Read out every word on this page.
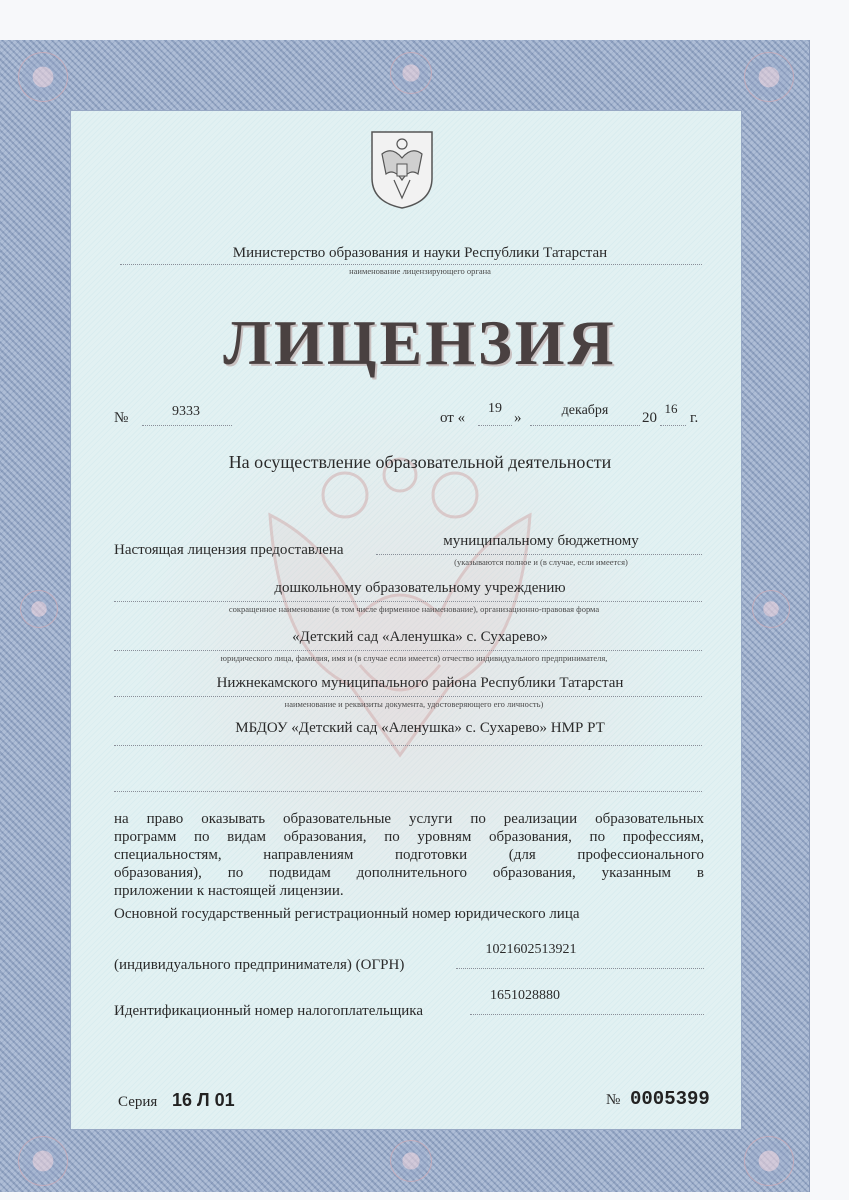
Министерство образования и науки Республики Татарстан
наименование лицензирующего органа
ЛИЦЕНЗИЯ
№	9333	от «
19
»	декабря	20
16
г.
На осуществление образовательной деятельности
Настоящая лицензия предоставлена
муниципальному бюджетному
(указываются полное и (в случае, если имеется)
дошкольному образовательному учреждению
сокращенное наименование (в том числе фирменное наименование), организационно-правовая форма
«Детский сад «Аленушка» с. Сухарево»
юридического лица, фамилия, имя и (в случае если имеется) отчество индивидуального предпринимателя,
Нижнекамского муниципального района Республики Татарстан
наименование и реквизиты документа, удостоверяющего его личность)
МБДОУ «Детский сад «Аленушка» с. Сухарево» НМР РТ
на право оказывать образовательные услуги по реализации образовательных
программ по видам образования, по уровням образования, по профессиям,
специальностям, направлениям подготовки (для профессионального
образования), по подвидам дополнительного образования, указанным в
приложении к настоящей лицензии.
Основной государственный регистрационный номер юридического лица
(индивидуального предпринимателя) (ОГРН)
1021602513921
Идентификационный номер налогоплательщика
1651028880
Серия 16 Л 01	№ 0005399
